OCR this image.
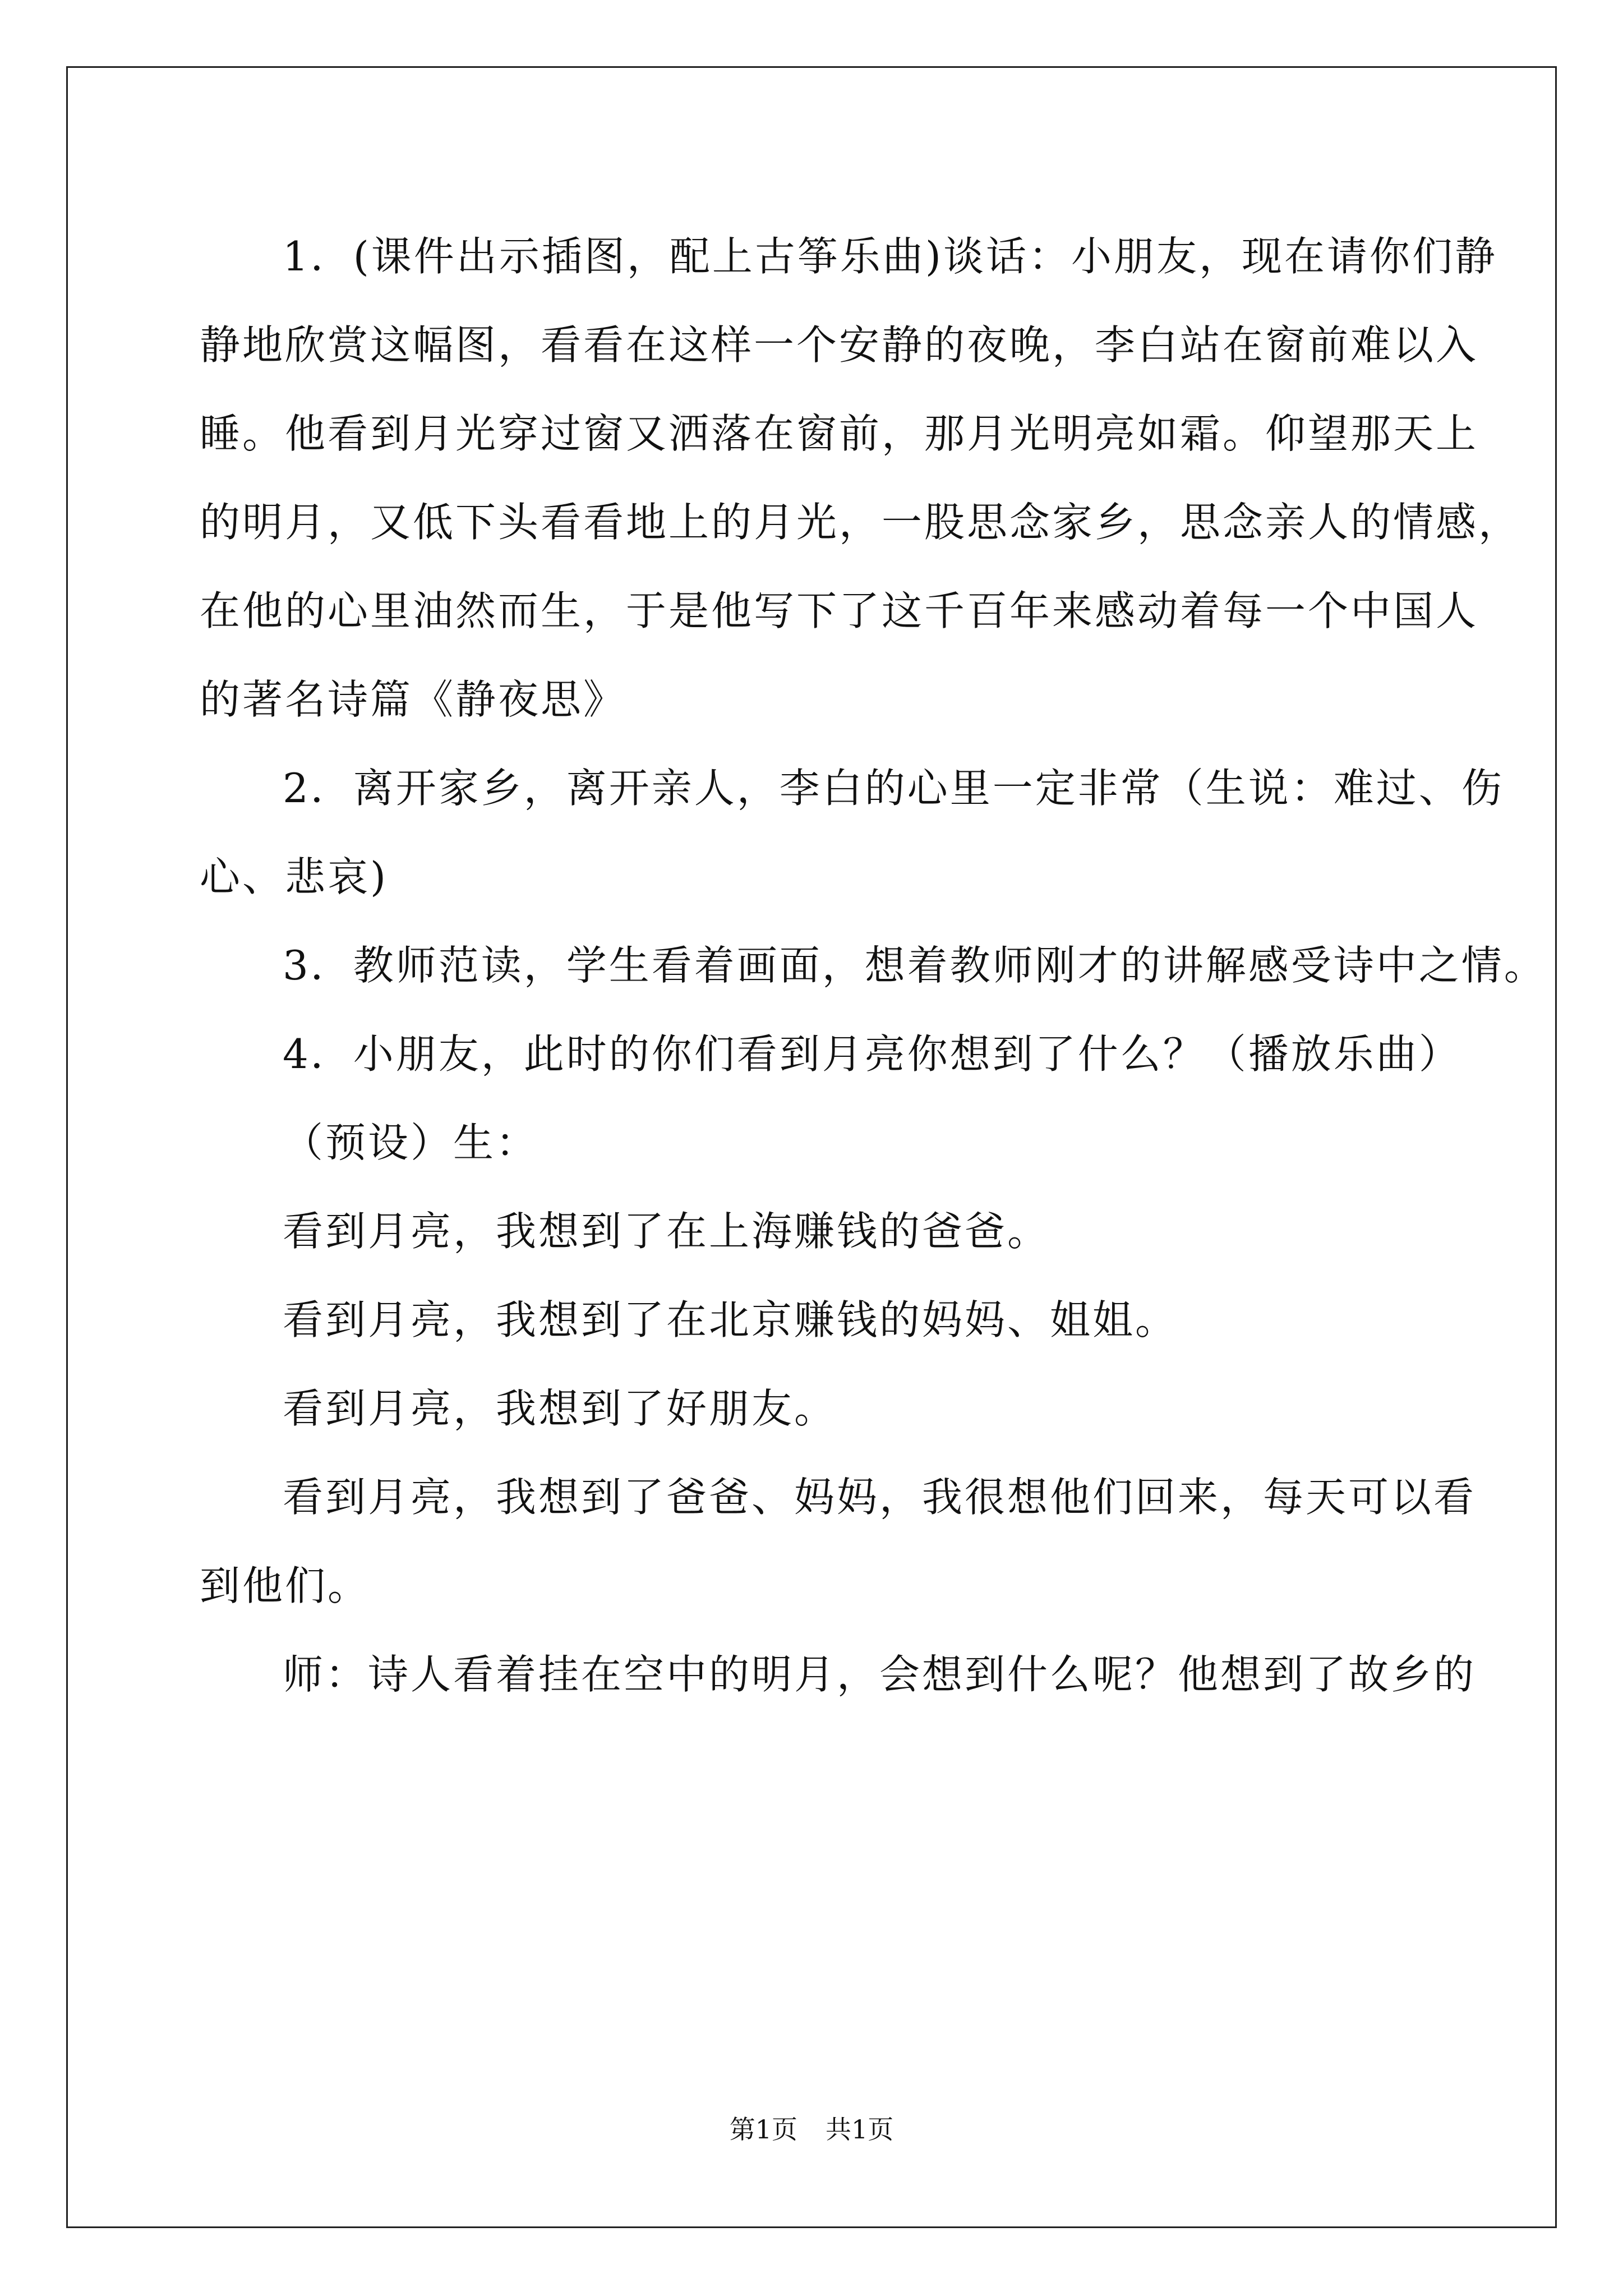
1．(课件出示插图，配上古筝乐曲)谈话：小朋友，现在请你们静

静地欣赏这幅图，看看在这样一个安静的夜晚，李白站在窗前难以入

睡。他看到月光穿过窗又洒落在窗前，那月光明亮如霜。仰望那天上

的明月，又低下头看看地上的月光，一股思念家乡，思念亲人的情感，

在他的心里油然而生，于是他写下了这千百年来感动着每一个中国人

的著名诗篇《静夜思》

2．离开家乡，离开亲人，李白的心里一定非常（生说：难过、伤

心、悲哀)

3．教师范读，学生看着画面，想着教师刚才的讲解感受诗中之情。

4．小朋友，此时的你们看到月亮你想到了什么？（播放乐曲）

（预设）生：

看到月亮，我想到了在上海赚钱的爸爸。

看到月亮，我想到了在北京赚钱的妈妈、姐姐。

看到月亮，我想到了好朋友。

看到月亮，我想到了爸爸、妈妈，我很想他们回来，每天可以看

到他们。

师：诗人看着挂在空中的明月，会想到什么呢？他想到了故乡的

第1页 共1页
